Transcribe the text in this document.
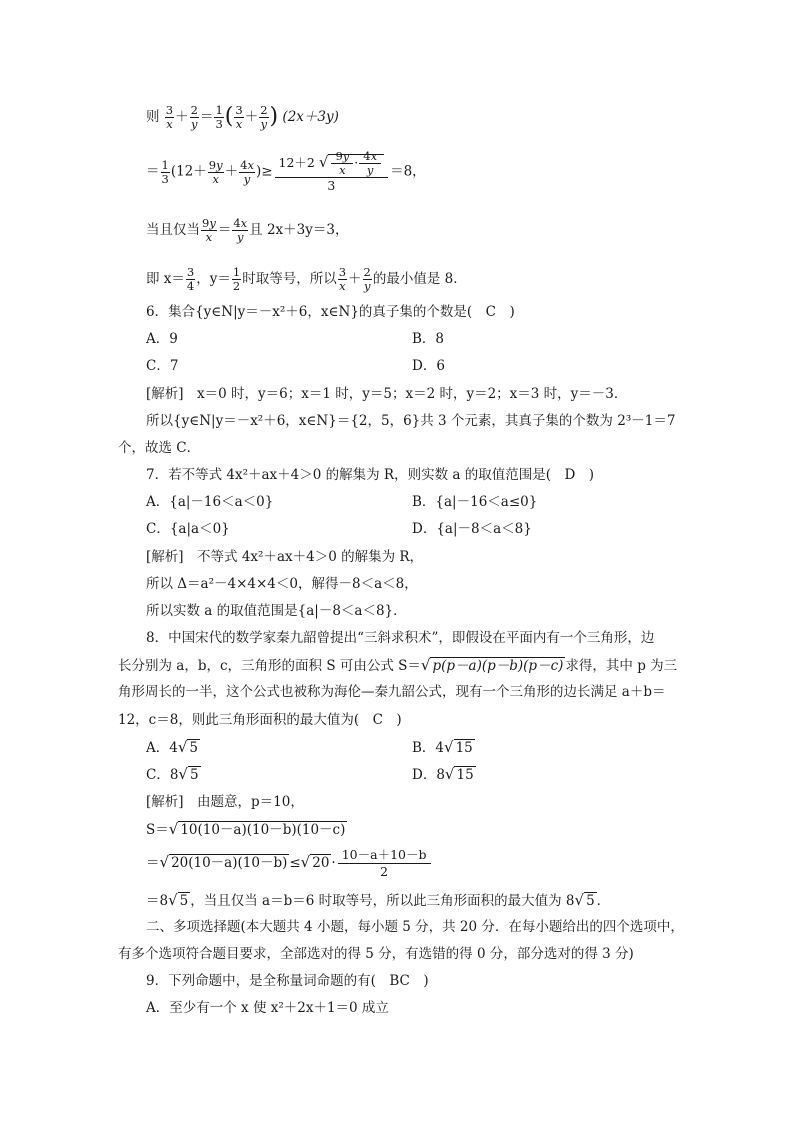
则 $\frac{3}{x} + \frac{2}{y} = \frac{1}{3}$ ( $\frac{3}{x} + \frac{2}{y}$ ) (2x＋3y)
＝ $\frac{1}{3} (12+ \frac{9y}{x} + \frac{4x}{y}$ )≥ $\frac{12+2 √ \frac{9y}{x} \cdot \frac{4x}{y}}{3} =8$，
当且仅当 $\frac{9y}{x} = \frac{4x}{y}$ 且 2x＋3y＝3，
即 $x= \frac{3}{4}$ ，$y= \frac{1}{2}$ 时取等号，所以 $\frac{3}{x} + \frac{2}{y}$ 的最小值是 8．
6．集合{y∈N|y＝－x²＋6，x∈N}的真子集的个数是(　C　)
A．9	B．8
C．7	D．6
[解析]　x＝0 时，y＝6；x＝1 时，y＝5；x＝2 时，y＝2；x＝3 时，y＝－3．
所以{y∈N|y＝－x²＋6，x∈N}＝{2，5，6}共 3 个元素，其真子集的个数为 2³－1＝7
个，故选 C．
7．若不等式 4x²＋ax＋4＞0 的解集为 R，则实数 a 的取值范围是(　D　)
A．{a|－16＜a＜0}	B．{a|－16＜a≤0}
C．{a|a＜0}	D．{a|－8＜a＜8}
[解析]　不等式 4x²＋ax＋4＞0 的解集为 R，
所以 Δ＝a²－4×4×4＜0，解得－8＜a＜8，
所以实数 a 的取值范围是{a|－8＜a＜8}．
8．中国宋代的数学家秦九韶曾提出“三斜求积术”，即假设在平面内有一个三角形，边
长分别为 a，b，c，三角形的面积 S 可由公式 S＝√ p(p－a)(p－b)(p－c) 求得，其中 p 为三
角形周长的一半，这个公式也被称为海伦—秦九韶公式，现有一个三角形的边长满足 a＋b＝
12，c＝8，则此三角形面积的最大值为(　C　)
A．4√ 5	B．4√ 15
C．8√ 5	D．8√ 15
[解析]　由题意，p＝10，
S＝√ 10(10－a)(10－b)(10－c)
＝√ 20(10－a)(10－b) ≤√ $20 \cdot \frac{10-a+10-b}{2}$
＝8√ 5 ，当且仅当 a＝b＝6 时取等号，所以此三角形面积的最大值为 8√ 5 ．
二、多项选择题(本大题共 4 小题，每小题 5 分，共 20 分．在每小题给出的四个选项中，
有多个选项符合题目要求，全部选对的得 5 分，有选错的得 0 分，部分选对的得 3 分)
9．下列命题中，是全称量词命题的有(　BC　)
A．至少有一个 x 使 x²＋2x＋1＝0 成立
